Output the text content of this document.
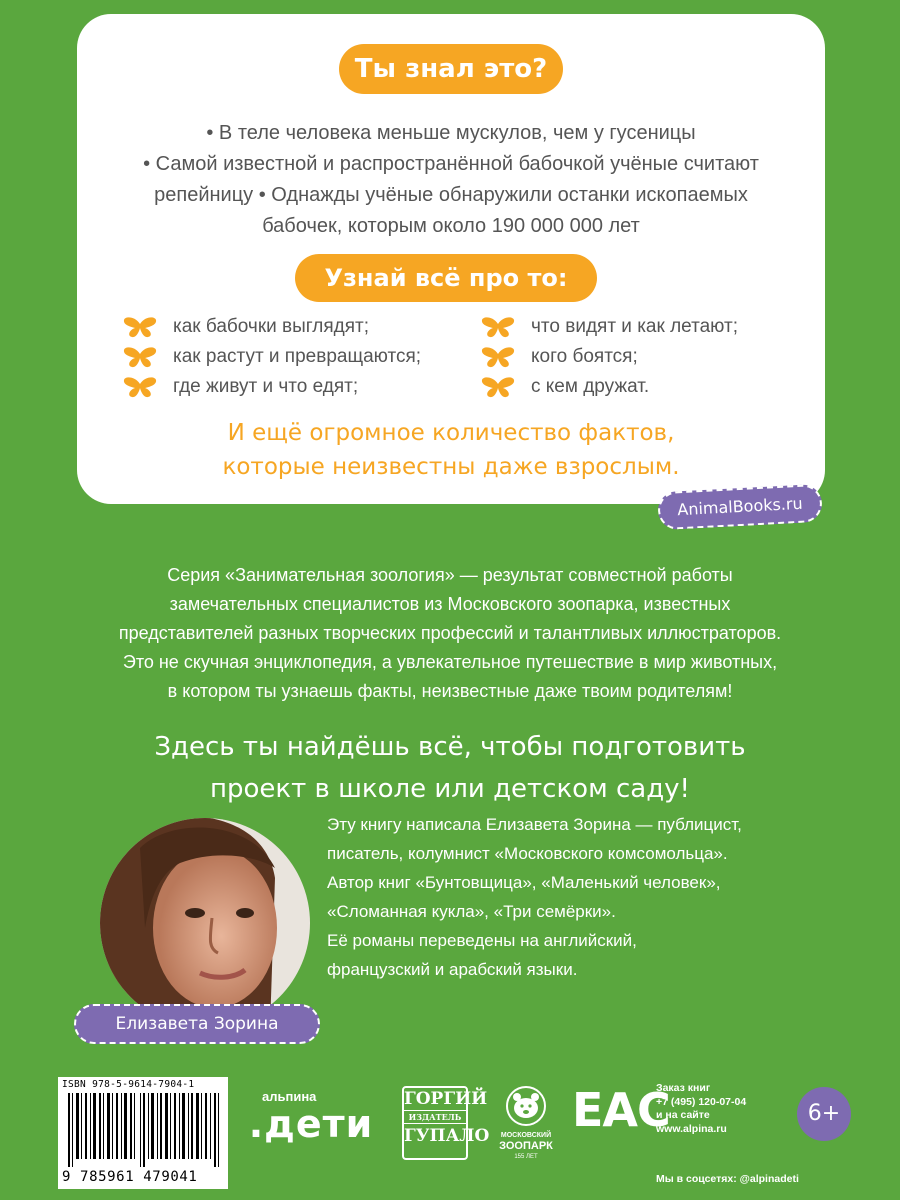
Ты знал это?
• В теле человека меньше мускулов, чем у гусеницы
• Самой известной и распространённой бабочкой учёные считают
репейницу • Однажды учёные обнаружили останки ископаемых
бабочек, которым около 190 000 000 лет
Узнай всё про то:
как бабочки выглядят;
как растут и превращаются;
где живут и что едят;
что видят и как летают;
кого боятся;
с кем дружат.
И ещё огромное количество фактов,
которые неизвестны даже взрослым.
AnimalBooks.ru
Серия «Занимательная зоология» — результат совместной работы
замечательных специалистов из Московского зоопарка, известных
представителей разных творческих профессий и талантливых иллюстраторов.
Это не скучная энциклопедия, а увлекательное путешествие в мир животных,
в котором ты узнаешь факты, неизвестные даже твоим родителям!
Здесь ты найдёшь всё, чтобы подготовить
проект в школе или детском саду!
Елизавета Зорина
Эту книгу написала Елизавета Зорина — публицист,
писатель, колумнист «Московского комсомольца».
Автор книг «Бунтовщица», «Маленький человек»,
«Сломанная кукла», «Три семёрки».
Её романы переведены на английский,
французский и арабский языки.
ISBN 978-5-9614-7904-1
9 785961 479041
альпина
.дети
ГОРГИЙ
ИЗДАТЕЛЬ
ГУПАЛО	МОСКОВСКИЙ
ЗООПАРК
155 ЛЕТ
EAC
Заказ книг
+7 (495) 120-07-04
и на сайте
www.alpina.ru
Мы в соцсетях: @alpinadeti
6+
